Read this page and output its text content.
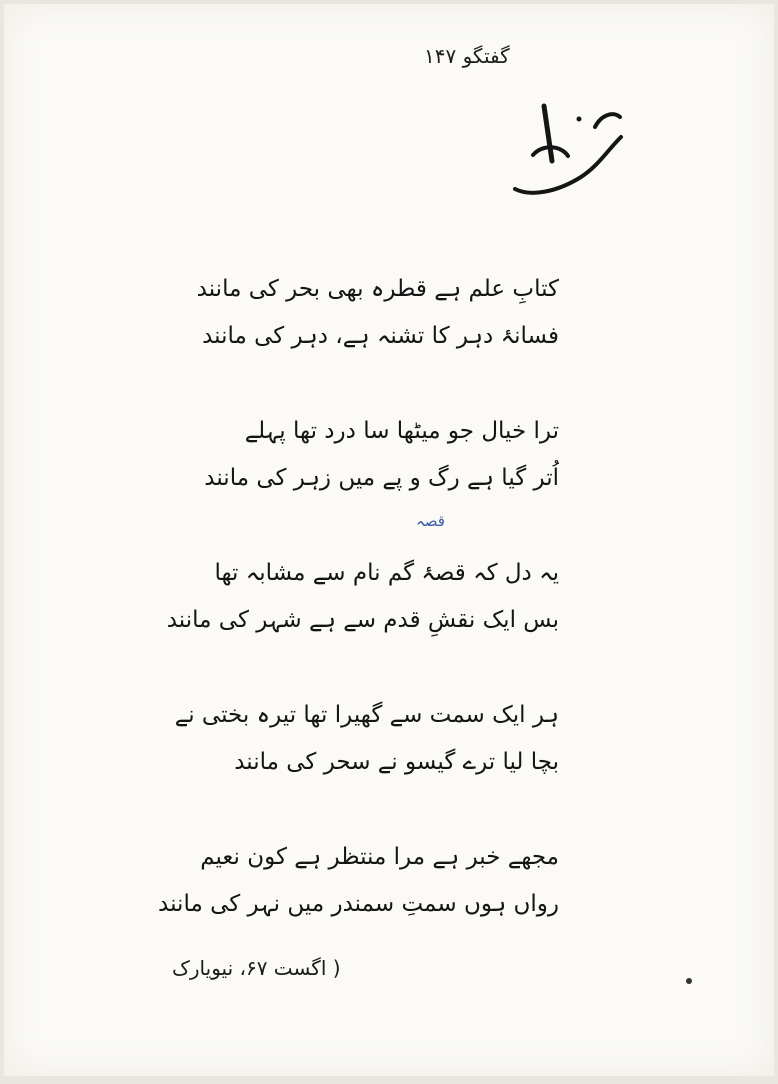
گفتگو ۱۴۷
کتابِ علم ہے قطرہ بھی بحر کی مانند
فسانۂ دہر کا تشنہ ہے، دہر کی مانند
ترا خیال جو میٹھا سا درد تھا پہلے
اُتر گیا ہے رگ و پے میں زہر کی مانند
یہ دل کہ قصۂ گم نام سے مشابہ تھا
بس ایک نقشِ قدم سے ہے شہر کی مانند
ہر ایک سمت سے گھیرا تھا تیرہ بختی نے
بچا لیا ترے گیسو نے سحر کی مانند
مجھے خبر ہے مرا منتظر ہے کون نعیم
رواں ہوں سمتِ سمندر میں نہر کی مانند
قصہ
( اگست ۶۷، نیویارک
